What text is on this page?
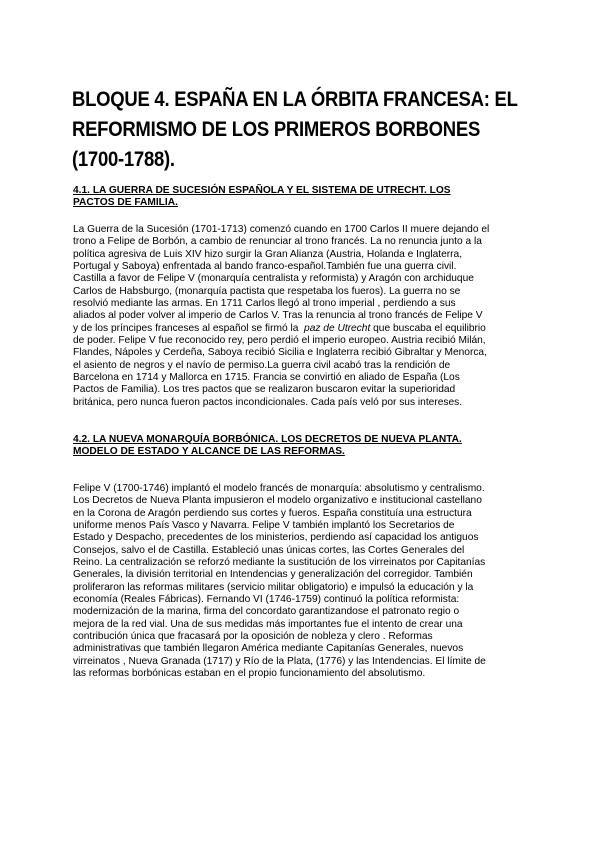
BLOQUE 4. ESPAÑA EN LA ÓRBITA FRANCESA: EL
REFORMISMO DE LOS PRIMEROS BORBONES
(1700-1788).
4.1. LA GUERRA DE SUCESIÓN ESPAÑOLA Y EL SISTEMA DE UTRECHT. LOS
PACTOS DE FAMILIA.
La Guerra de la Sucesión (1701-1713) comenzó cuando en 1700 Carlos II muere dejando el
trono a Felipe de Borbón, a cambio de renunciar al trono francés. La no renuncia junto a la
política agresiva de Luis XIV hizo surgir la Gran Alianza (Austria, Holanda e Inglaterra,
Portugal y Saboya) enfrentada al bando franco-español.También fue una guerra civil.
Castilla a favor de Felipe V (monarquía centralista y reformista) y Aragón con archiduque
Carlos de Habsburgo, (monarquía pactista que respetaba los fueros). La guerra no se
resolvió mediante las armas. En 1711 Carlos llegó al trono imperial , perdiendo a sus
aliados al poder volver al imperio de Carlos V. Tras la renuncia al trono francés de Felipe V
y de los príncipes franceses al español se firmó la paz de Utrecht que buscaba el equilibrio
de poder. Felipe V fue reconocido rey, pero perdió el imperio europeo. Austria recibió Milán,
Flandes, Nápoles y Cerdeña, Saboya recibió Sicilia e Inglaterra recibió Gibraltar y Menorca,
el asiento de negros y el navío de permiso.La guerra civil acabó tras la rendición de
Barcelona en 1714 y Mallorca en 1715. Francia se convirtió en aliado de España (Los
Pactos de Familia). Los tres pactos que se realizaron buscaron evitar la superioridad
británica, pero nunca fueron pactos incondicionales. Cada país veló por sus intereses.
4.2. LA NUEVA MONARQUÍA BORBÓNICA. LOS DECRETOS DE NUEVA PLANTA.
MODELO DE ESTADO Y ALCANCE DE LAS REFORMAS.
Felipe V (1700-1746) implantó el modelo francés de monarquía: absolutismo y centralismo.
Los Decretos de Nueva Planta impusieron el modelo organizativo e institucional castellano
en la Corona de Aragón perdiendo sus cortes y fueros. España constituía una estructura
uniforme menos País Vasco y Navarra. Felipe V también implantó los Secretarios de
Estado y Despacho, precedentes de los ministerios, perdiendo así capacidad los antiguos
Consejos, salvo el de Castilla. Estableció unas únicas cortes, las Cortes Generales del
Reino. La centralización se reforzó mediante la sustitución de los virreinatos por Capitanías
Generales, la división territorial en Intendencias y generalización del corregidor. También
proliferaron las reformas militares (servicio militar obligatorio) e impulsó la educación y la
economía (Reales Fábricas). Fernando VI (1746-1759) continuó la política reformista:
modernización de la marina, firma del concordato garantizandose el patronato regio o
mejora de la red vial. Una de sus medidas más importantes fue el intento de crear una
contribución única que fracasará por la oposición de nobleza y clero . Reformas
administrativas que también llegaron América mediante Capitanías Generales, nuevos
virreinatos , Nueva Granada (1717) y Río de la Plata, (1776) y las Intendencias. El límite de
las reformas borbónicas estaban en el propio funcionamiento del absolutismo.
